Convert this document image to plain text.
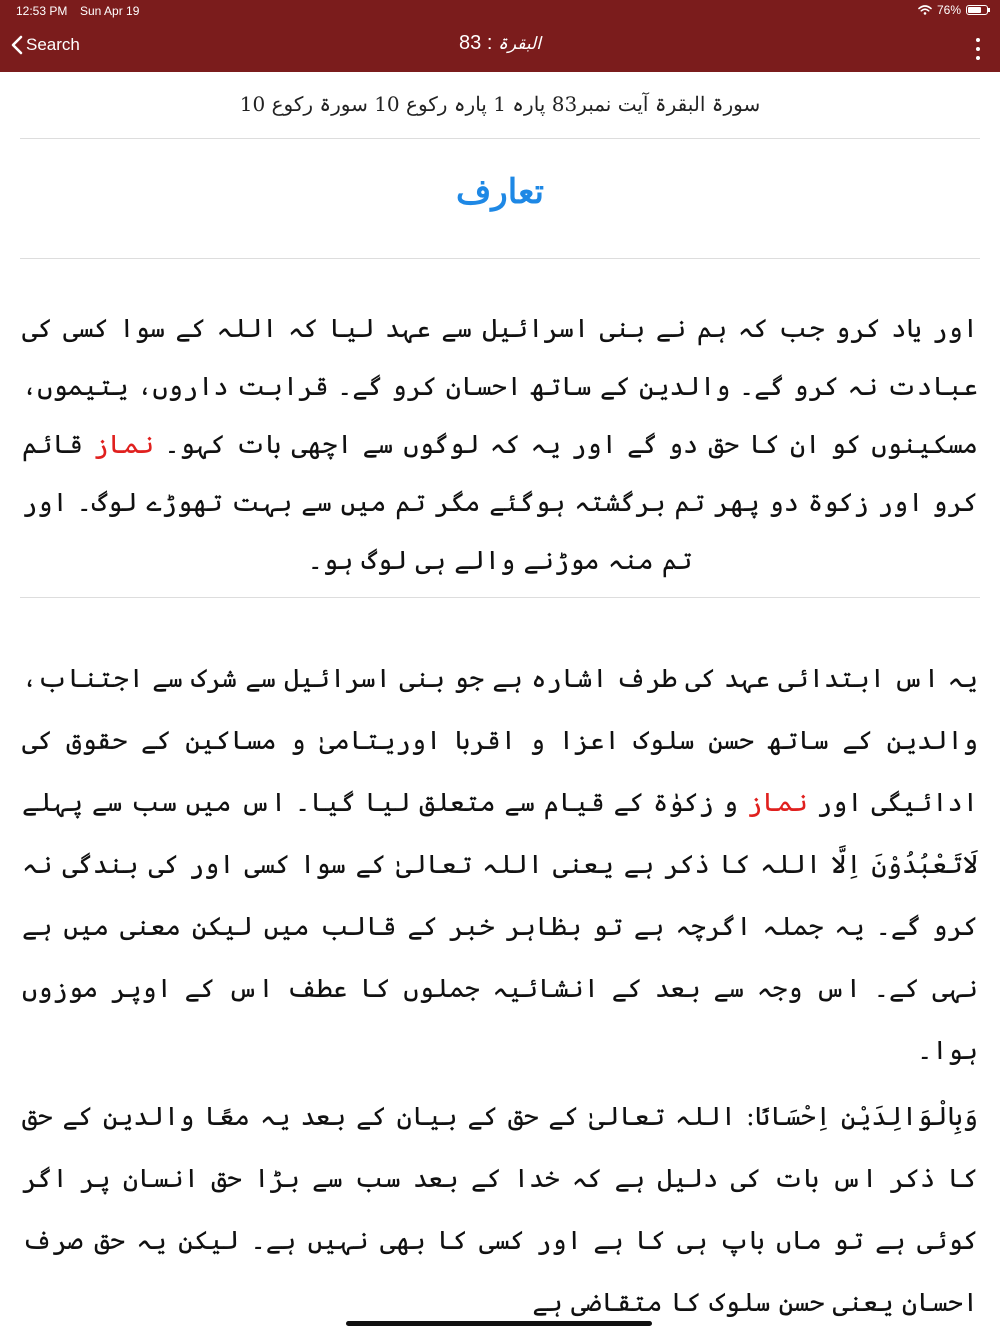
12:53 PM Sun Apr 19	76%
Search	البقرۃ : 83
سورۃ البقرۃ آیت نمبر83 پارہ 1 پارہ رکوع 10 سورۃ رکوع 10
تعارف
اور یاد کرو جب کہ ہم نے بنی اسرائیل سے عہد لیا کہ اللہ کے سوا کسی کی عبادت نہ کرو گے۔ والدین کے ساتھ احسان کرو گے۔ قرابت داروں، یتیموں، مسکینوں کو ان کا حق دو گے اور یہ کہ لوگوں سے اچھی بات کہو۔ نماز قائم کرو اور زکوۃ دو پھر تم برگشتہ ہوگئے مگر تم میں سے بہت تھوڑے لوگ۔ اور تم منہ موڑنے والے ہی لوگ ہو۔

یہ اس ابتدائی عہد کی طرف اشارہ ہے جو بنی اسرائیل سے شرک سے اجتناب، والدین کے ساتھ حسن سلوک اعزا و اقربا اوریتامیٰ و مساکین کے حقوق کی ادائیگی اور نماز و زکوٰۃ کے قیام سے متعلق لیا گیا۔ اس میں سب سے پہلے لَاتَعْبُدُوْنَ اِلَّا اللہ کا ذکر ہے یعنی اللہ تعالیٰ کے سوا کسی اور کی بندگی نہ کرو گے۔ یہ جملہ اگرچہ ہے تو بظاہر خبر کے قالب میں لیکن معنی میں ہے نہی کے۔ اس وجہ سے بعد کے انشائیہ جملوں کا عطف اس کے اوپر موزوں ہوا۔

وَبِالْوَالِدَيْنِ اِحْسَانًا: اللہ تعالیٰ کے حق کے بیان کے بعد یہ معًا والدین کے حق کا ذکر اس بات کی دلیل ہے کہ خدا کے بعد سب سے بڑا حق انسان پر اگر کوئی ہے تو ماں باپ ہی کا ہے اور کسی کا بھی نہیں ہے۔ لیکن یہ حق صرف احسان یعنی حسن سلوک کا متقاضی ہے
